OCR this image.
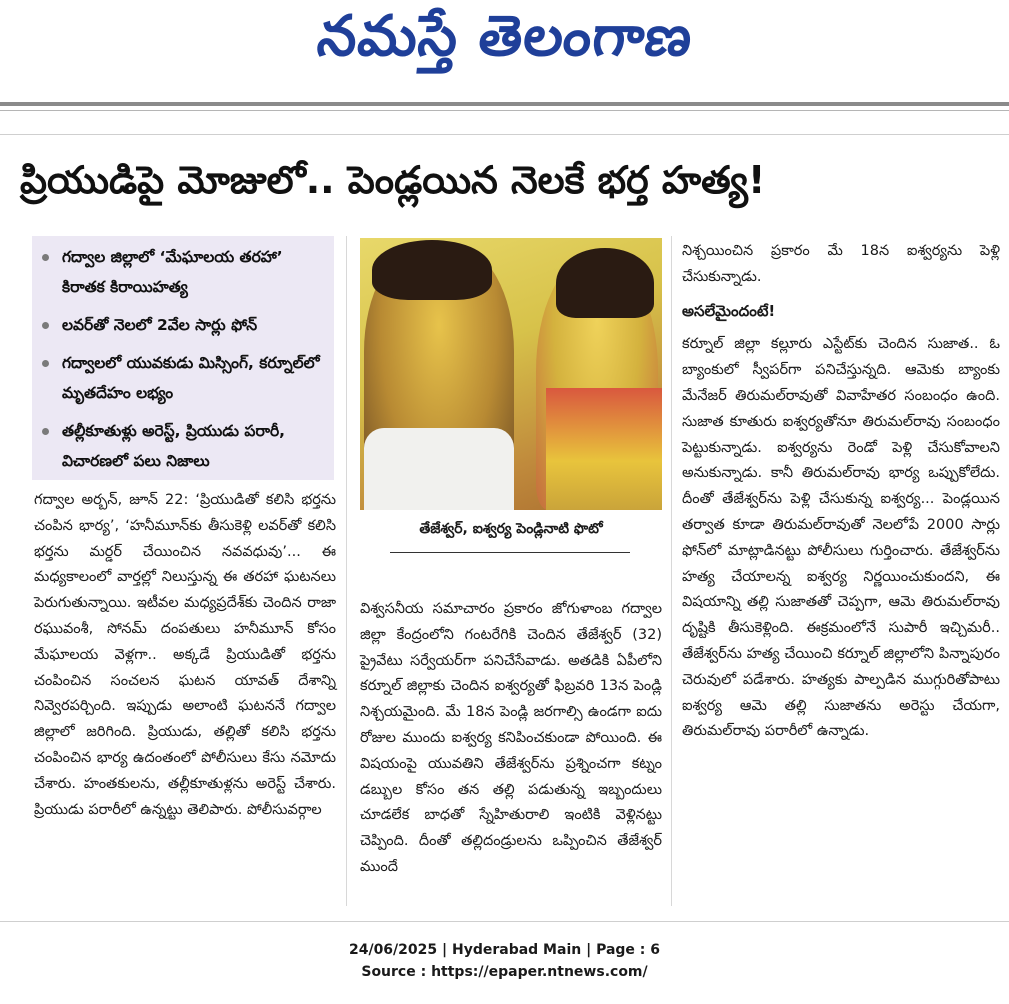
నమస్తే తెలంగాణ
ప్రియుడిపై మోజులో.. పెండ్లయిన నెలకే భర్త హత్య!
గద్వాల జిల్లాలో ‘మేఘాలయ తరహా’ కిరాతక కిరాయిహత్య
లవర్‌తో నెలలో 2వేల సార్లు ఫోన్
గద్వాలలో యువకుడు మిస్సింగ్, కర్నూల్‌లో మృతదేహం లభ్యం
తల్లీకూతుళ్లు అరెస్ట్, ప్రియుడు పరారీ, విచారణలో పలు నిజాలు

గద్వాల అర్బన్, జూన్ 22: ‘ప్రియుడితో కలిసి భర్తను చంపిన భార్య’, ‘హనీమూన్‌కు తీసుకెళ్లి లవర్‌తో కలిసి భర్తను మర్డర్ చేయించిన నవవధువు’... ఈ మధ్యకాలంలో వార్తల్లో నిలుస్తున్న ఈ తరహా ఘటనలు పెరుగుతున్నాయి. ఇటీవల మధ్యప్రదేశ్‌కు చెందిన రాజా రఘువంశీ, సోనమ్ దంపతులు హనీమూన్ కోసం మేఘాలయ వెళ్లగా.. అక్కడే ప్రియుడితో భర్తను చంపించిన సంచలన ఘటన యావత్ దేశాన్ని నివ్వెరపర్చింది. ఇప్పుడు అలాంటి ఘటననే గద్వాల జిల్లాలో జరిగింది. ప్రియుడు, తల్లితో కలిసి భర్తను చంపించిన భార్య ఉదంతంలో పోలీసులు కేసు నమోదు చేశారు. హంతకులను, తల్లీకూతుళ్లను అరెస్ట్ చేశారు. ప్రియుడు పరారీలో ఉన్నట్టు తెలిపారు. పోలీసువర్గాల

తేజేశ్వర్, ఐశ్వర్య పెండ్లినాటి ఫొటో

విశ్వసనీయ సమాచారం ప్రకారం జోగుళాంబ గద్వాల జిల్లా కేంద్రంలోని గంటరేగికి చెందిన తేజేశ్వర్ (32) ప్రైవేటు సర్వేయర్‌గా పనిచేసేవాడు. అతడికి ఏపీలోని కర్నూల్ జిల్లాకు చెందిన ఐశ్వర్యతో ఫిబ్రవరి 13న పెండ్లి నిశ్చయమైంది. మే 18న పెండ్లి జరగాల్సి ఉండగా ఐదు రోజుల ముందు ఐశ్వర్య కనిపించకుండా పోయింది. ఈ విషయంపై యువతిని తేజేశ్వర్‌ను ప్రశ్నించగా కట్నం డబ్బుల కోసం తన తల్లి పడుతున్న ఇబ్బందులు చూడలేక బాధతో స్నేహితురాలి ఇంటికి వెళ్లినట్టు చెప్పింది. దీంతో తల్లిదండ్రులను ఒప్పించిన తేజేశ్వర్ ముందే

నిశ్చయించిన ప్రకారం మే 18న ఐశ్వర్యను పెళ్లి చేసుకున్నాడు.

అసలేమైందంటే!

కర్నూల్ జిల్లా కల్లూరు ఎస్టేట్‌కు చెందిన సుజాత.. ఓ బ్యాంకులో స్వీపర్‌గా పనిచేస్తున్నది. ఆమెకు బ్యాంకు మేనేజర్ తిరుమల్‌రావుతో వివాహేతర సంబంధం ఉంది. సుజాత కూతురు ఐశ్వర్యతోనూ తిరుమల్‌రావు సంబంధం పెట్టుకున్నాడు. ఐశ్వర్యను రెండో పెళ్లి చేసుకోవాలని అనుకున్నాడు. కానీ తిరుమల్‌రావు భార్య ఒప్పుకోలేదు. దీంతో తేజేశ్వర్‌ను పెళ్లి చేసుకున్న ఐశ్వర్య... పెండ్లయిన తర్వాత కూడా తిరుమల్‌రావుతో నెలలోపే 2000 సార్లు ఫోన్‌లో మాట్లాడినట్టు పోలీసులు గుర్తించారు. తేజేశ్వర్‌ను హత్య చేయాలన్న ఐశ్వర్య నిర్ణయించుకుందని, ఈ విషయాన్ని తల్లి సుజాతతో చెప్పగా, ఆమె తిరుమల్‌రావు దృష్టికి తీసుకెళ్లింది. ఈక్రమంలోనే సుపారీ ఇచ్చిమరీ.. తేజేశ్వర్‌ను హత్య చేయించి కర్నూల్ జిల్లాలోని పిన్నాపురం చెరువులో పడేశారు. హత్యకు పాల్పడిన ముగ్గురితోపాటు ఐశ్వర్య ఆమె తల్లి సుజాతను అరెస్టు చేయగా, తిరుమల్‌రావు పరారీలో ఉన్నాడు.

24/06/2025 | Hyderabad Main | Page : 6
Source : https://epaper.ntnews.com/
